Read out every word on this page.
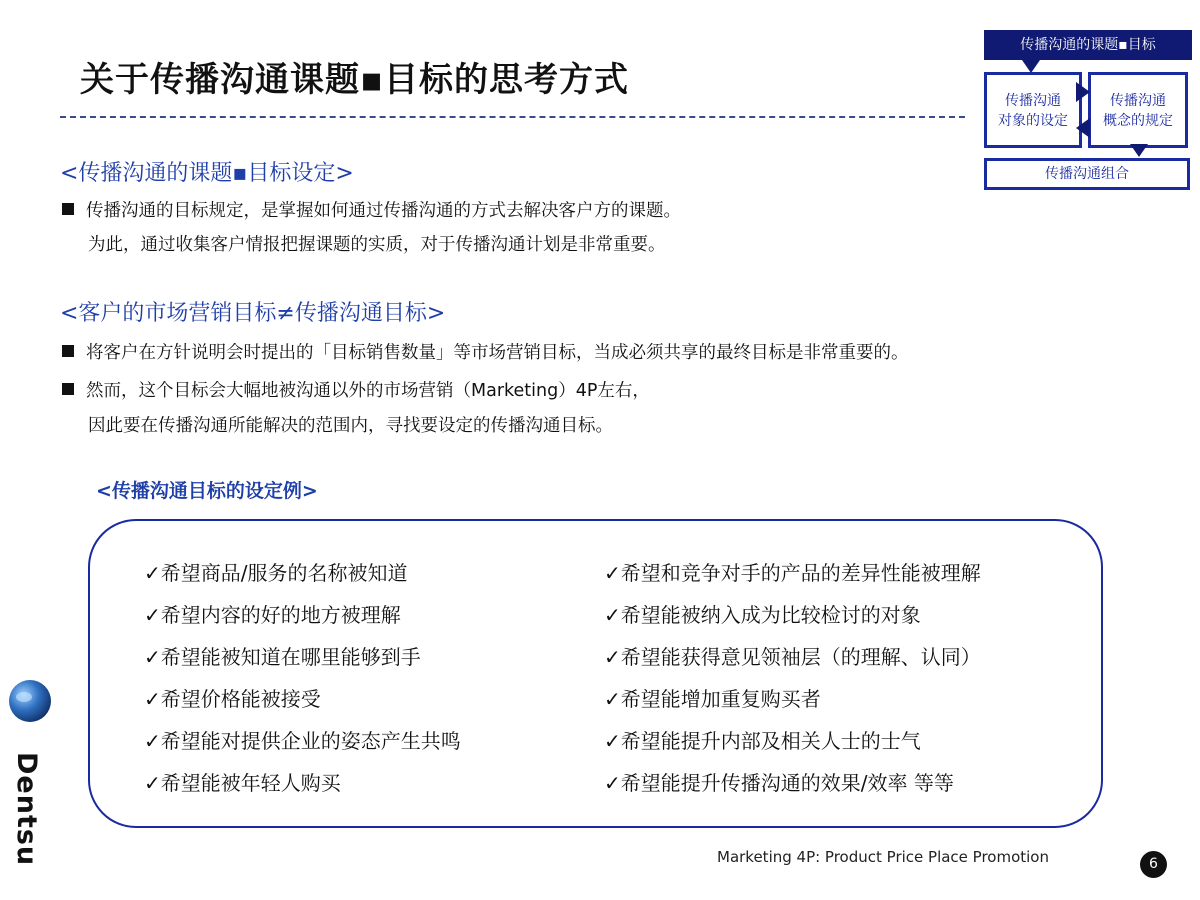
关于传播沟通课题▪目标的思考方式
传播沟通的课题▪目标
传播沟通
对象的设定
传播沟通
概念的规定
传播沟通组合
<传播沟通的课题▪目标设定>
传播沟通的目标规定，是掌握如何通过传播沟通的方式去解决客户方的课题。
为此，通过收集客户情报把握课题的实质，对于传播沟通计划是非常重要。
<客户的市场营销目标≠传播沟通目标>
将客户在方针说明会时提出的「目标销售数量」等市场营销目标，当成必须共享的最终目标是非常重要的。
然而，这个目标会大幅地被沟通以外的市场营销（Marketing）4P左右，
因此要在传播沟通所能解决的范围内，寻找要设定的传播沟通目标。
<传播沟通目标的设定例>
✓希望商品/服务的名称被知道
✓希望内容的好的地方被理解
✓希望能被知道在哪里能够到手
✓希望价格能被接受
✓希望能对提供企业的姿态产生共鸣
✓希望能被年轻人购买
✓希望和竞争对手的产品的差异性能被理解
✓希望能被纳入成为比较检讨的对象
✓希望能获得意见领袖层（的理解、认同）
✓希望能增加重复购买者
✓希望能提升内部及相关人士的士气
✓希望能提升传播沟通的效果/效率 等等
Dentsu	Marketing 4P: Product Price Place Promotion	6
